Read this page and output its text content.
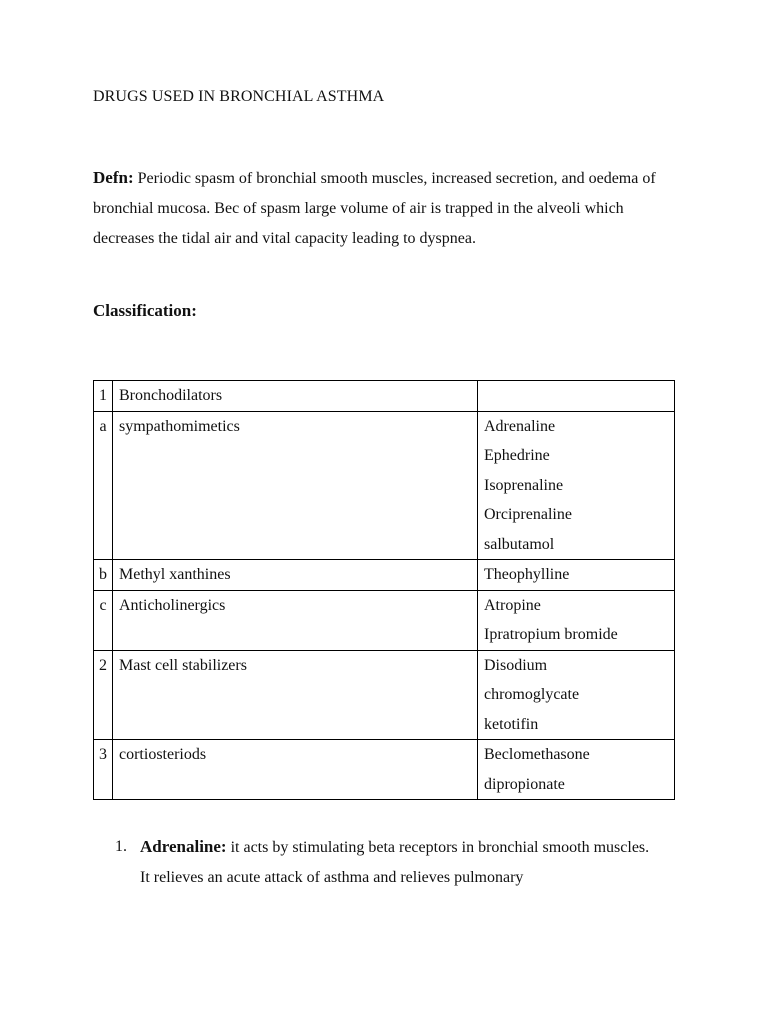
DRUGS USED IN BRONCHIAL ASTHMA
Defn: Periodic spasm of bronchial smooth muscles, increased secretion, and oedema of bronchial mucosa. Bec of spasm large volume of air is trapped in the alveoli which decreases the tidal air and vital capacity leading to dyspnea.
Classification:
1	Bronchodilators	

a	sympathomimetics	Adrenaline
Ephedrine
Isoprenaline
Orciprenaline
salbutamol

b	Methyl xanthines	Theophylline

c	Anticholinergics	Atropine
Ipratropium bromide

2	Mast cell stabilizers	Disodium
chromoglycate
ketotifin

3	cortiosteriods	Beclomethasone
dipropionate
1. Adrenaline: it acts by stimulating beta receptors in bronchial smooth muscles. It relieves an acute attack of asthma and relieves pulmonary
